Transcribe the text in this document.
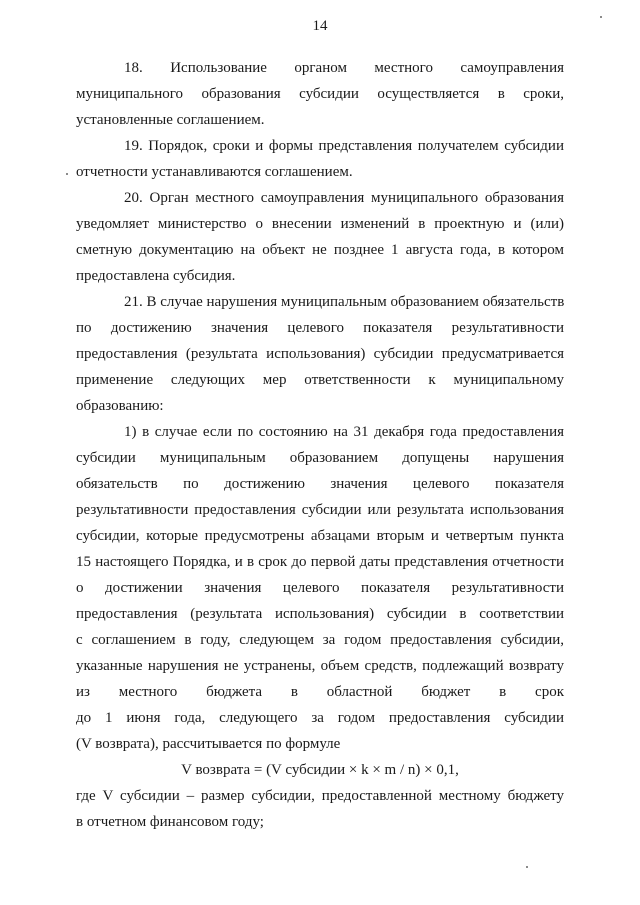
14
18. Использование органом местного самоуправления
муниципального образования субсидии осуществляется в сроки,
установленные соглашением.
19. Порядок, сроки и формы представления получателем субсидии
отчетности устанавливаются соглашением.
20. Орган местного самоуправления муниципального образования
уведомляет министерство о внесении изменений в проектную и (или)
сметную документацию на объект не позднее 1 августа года, в котором
предоставлена субсидия.
21. В случае нарушения муниципальным образованием обязательств
по достижению значения целевого показателя результативности
предоставления (результата использования) субсидии предусматривается
применение следующих мер ответственности к муниципальному
образованию:
1) в случае если по состоянию на 31 декабря года предоставления
субсидии муниципальным образованием допущены нарушения
обязательств по достижению значения целевого показателя
результативности предоставления субсидии или результата использования
субсидии, которые предусмотрены абзацами вторым и четвертым пункта
15 настоящего Порядка, и в срок до первой даты представления отчетности
о достижении значения целевого показателя результативности
предоставления (результата использования) субсидии в соответствии
с соглашением в году, следующем за годом предоставления субсидии,
указанные нарушения не устранены, объем средств, подлежащий возврату
из местного бюджета в областной бюджет в срок
до 1 июня года, следующего за годом предоставления субсидии
(V возврата), рассчитывается по формуле
V возврата = (V субсидии × k × m / n) × 0,1,
где V субсидии – размер субсидии, предоставленной местному бюджету
в отчетном финансовом году;
